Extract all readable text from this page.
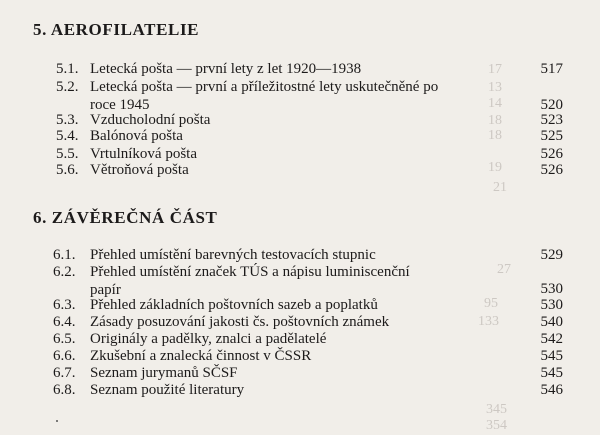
17
13
14
18
18
19
21
27
95
133
345
354
5. AEROFILATELIE
5.1. Letecká pošta — první lety z let 1920—1938	517
5.2. Letecká pošta — první a příležitostné lety uskutečněné po roce 1945	520
5.3. Vzducholodní pošta	523
5.4. Balónová pošta	525
5.5. Vrtulníková pošta	526
5.6. Větroňová pošta	526
6. ZÁVĚREČNÁ ČÁST
6.1. Přehled umístění barevných testovacích stupnic	529
6.2. Přehled umístění značek TÚS a nápisu luminiscenční papír	530
6.3. Přehled základních poštovních sazeb a poplatků	530
6.4. Zásady posuzování jakosti čs. poštovních známek	540
6.5. Originály a padělky, znalci a padělatelé	542
6.6. Zkušební a znalecká činnost v ČSSR	545
6.7. Seznam jurymanů SČSF	545
6.8. Seznam použité literatury	546
